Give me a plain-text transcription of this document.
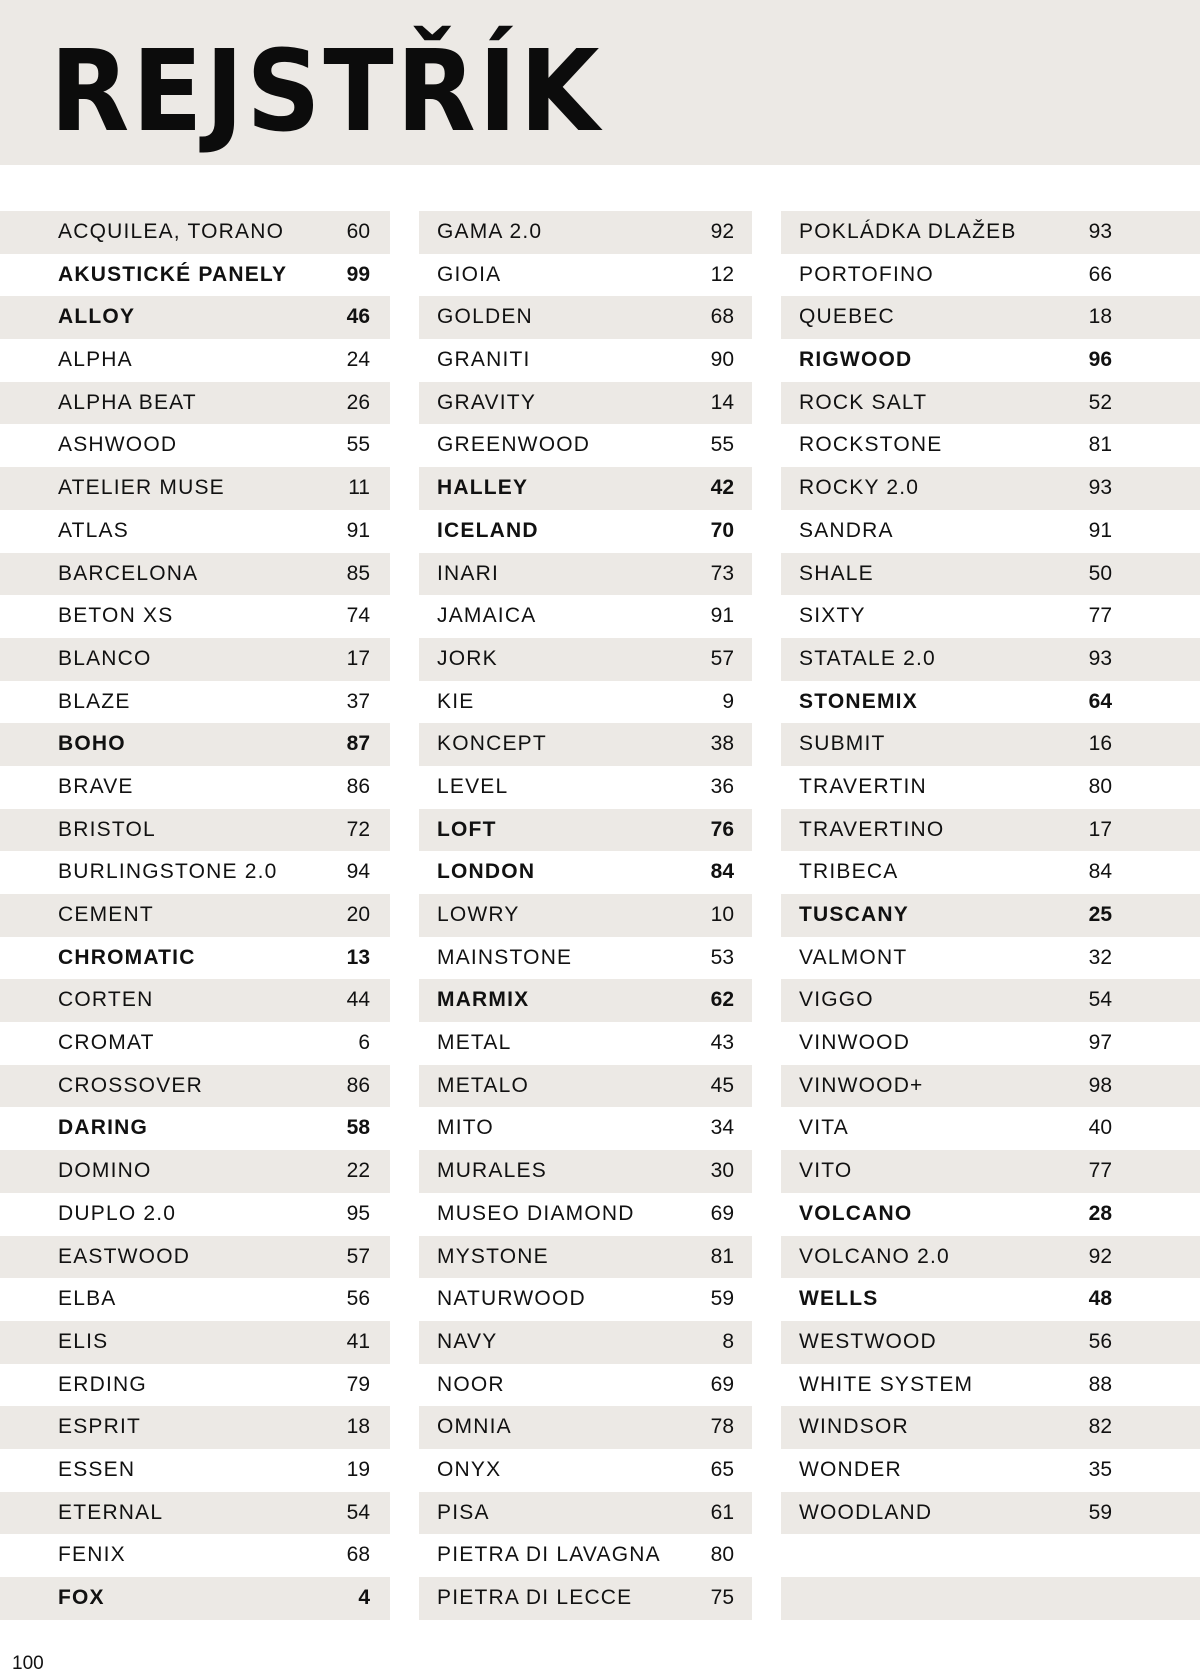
REJSTŘÍK
ACQUILEA, TORANO	60
AKUSTICKÉ PANELY	99
ALLOY	46
ALPHA	24
ALPHA BEAT	26
ASHWOOD	55
ATELIER MUSE	11
ATLAS	91
BARCELONA	85
BETON XS	74
BLANCO	17
BLAZE	37
BOHO	87
BRAVE	86
BRISTOL	72
BURLINGSTONE 2.0	94
CEMENT	20
CHROMATIC	13
CORTEN	44
CROMAT	6
CROSSOVER	86
DARING	58
DOMINO	22
DUPLO 2.0	95
EASTWOOD	57
ELBA	56
ELIS	41
ERDING	79
ESPRIT	18
ESSEN	19
ETERNAL	54
FENIX	68
FOX	4
GAMA 2.0	92
GIOIA	12
GOLDEN	68
GRANITI	90
GRAVITY	14
GREENWOOD	55
HALLEY	42
ICELAND	70
INARI	73
JAMAICA	91
JORK	57
KIE	9
KONCEPT	38
LEVEL	36
LOFT	76
LONDON	84
LOWRY	10
MAINSTONE	53
MARMIX	62
METAL	43
METALO	45
MITO	34
MURALES	30
MUSEO DIAMOND	69
MYSTONE	81
NATURWOOD	59
NAVY	8
NOOR	69
OMNIA	78
ONYX	65
PISA	61
PIETRA DI LAVAGNA	80
PIETRA DI LECCE	75
POKLÁDKA DLAŽEB	93
PORTOFINO	66
QUEBEC	18
RIGWOOD	96
ROCK SALT	52
ROCKSTONE	81
ROCKY 2.0	93
SANDRA	91
SHALE	50
SIXTY	77
STATALE 2.0	93
STONEMIX	64
SUBMIT	16
TRAVERTIN	80
TRAVERTINO	17
TRIBECA	84
TUSCANY	25
VALMONT	32
VIGGO	54
VINWOOD	97
VINWOOD+	98
VITA	40
VITO	77
VOLCANO	28
VOLCANO 2.0	92
WELLS	48
WESTWOOD	56
WHITE SYSTEM	88
WINDSOR	82
WONDER	35
WOODLAND	59
100
